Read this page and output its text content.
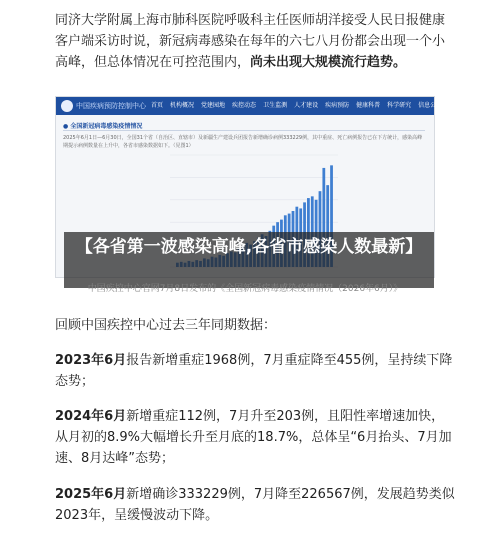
同济大学附属上海市肺科医院呼吸科主任医师胡洋接受人民日报健康客户端采访时说，新冠病毒感染在每年的六七八月份都会出现一个小高峰，但总体情况在可控范围内，尚未出现大规模流行趋势。

中国疾病预防控制中心 首页 机构概况 党建园地 疾控动态 卫生监测 人才建设 疾病预防 健康科普 科学研究 信息公开
● 全国新冠病毒感染疫情情况
2025年6月1日—6月30日，全国31个省（自治区、直辖市）及新疆生产建设兵团报告新增确诊病例333229例，其中重症、死亡病例报告已在下方统计，感染高峰期提示病例数量在上升中，各省市感染数据如下。（见图1）

【各省第一波感染高峰,各省市感染人数最新】

中国疾控中心官网7月8日发布的《全国新冠病毒感染疫情情况（2026年6月）》

回顾中国疾控中心过去三年同期数据：

2023年6月报告新增重症1968例，7月重症降至455例，呈持续下降态势；

2024年6月新增重症112例，7月升至203例，且阳性率增速加快，从月初的8.9%大幅增长升至月底的18.7%，总体呈“6月抬头、7月加速、8月达峰”态势；

2025年6月新增确诊333229例，7月降至226567例，发展趋势类似2023年，呈缓慢波动下降。
